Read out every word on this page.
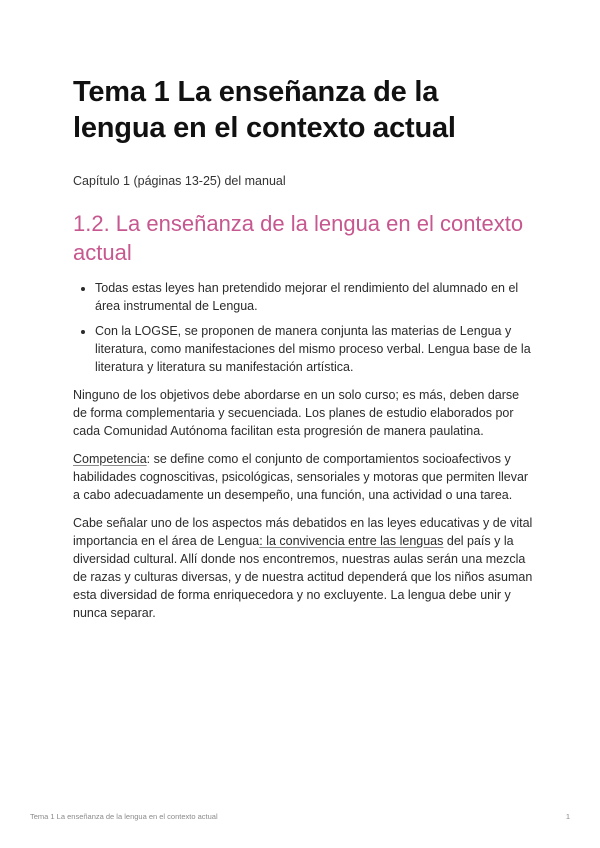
Tema 1 La enseñanza de la lengua en el contexto actual

Capítulo 1 (páginas 13-25) del manual

1.2. La enseñanza de la lengua en el contexto actual
• Todas estas leyes han pretendido mejorar el rendimiento del alumnado en el área instrumental de Lengua.
• Con la LOGSE, se proponen de manera conjunta las materias de Lengua y literatura, como manifestaciones del mismo proceso verbal. Lengua base de la literatura y literatura su manifestación artística.

Ninguno de los objetivos debe abordarse en un solo curso; es más, deben darse de forma complementaria y secuenciada. Los planes de estudio elaborados por cada Comunidad Autónoma facilitan esta progresión de manera paulatina.

Competencia: se define como el conjunto de comportamientos socioafectivos y habilidades cognoscitivas, psicológicas, sensoriales y motoras que permiten llevar a cabo adecuadamente un desempeño, una función, una actividad o una tarea.

Cabe señalar uno de los aspectos más debatidos en las leyes educativas y de vital importancia en el área de Lengua: la convivencia entre las lenguas del país y la diversidad cultural. Allí donde nos encontremos, nuestras aulas serán una mezcla de razas y culturas diversas, y de nuestra actitud dependerá que los niños asuman esta diversidad de forma enriquecedora y no excluyente. La lengua debe unir y nunca separar.

Tema 1 La enseñanza de la lengua en el contexto actual	1
